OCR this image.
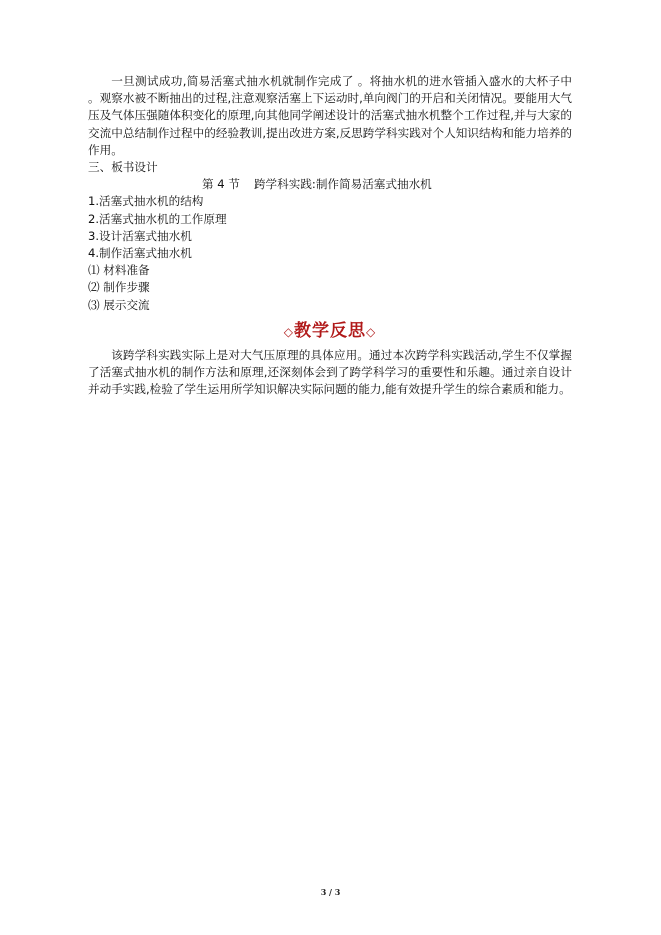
一旦测试成功,简易活塞式抽水机就制作完成了 。将抽水机的进水管插入盛水的大杯子中 。观察水被不断抽出的过程,注意观察活塞上下运动时,单向阀门的开启和关闭情况。要能用大气压及气体压强随体积变化的原理,向其他同学阐述设计的活塞式抽水机整个工作过程,并与大家的交流中总结制作过程中的经验教训,提出改进方案,反思跨学科实践对个人知识结构和能力培养的作用。

三、板书设计

第 4 节 跨学科实践:制作简易活塞式抽水机

1.活塞式抽水机的结构

2.活塞式抽水机的工作原理

3.设计活塞式抽水机

4.制作活塞式抽水机

⑴ 材料准备

⑵ 制作步骤

⑶ 展示交流

◇教学反思◇

该跨学科实践实际上是对大气压原理的具体应用。通过本次跨学科实践活动,学生不仅掌握了活塞式抽水机的制作方法和原理,还深刻体会到了跨学科学习的重要性和乐趣。通过亲自设计并动手实践,检验了学生运用所学知识解决实际问题的能力,能有效提升学生的综合素质和能力。

3 / 3
